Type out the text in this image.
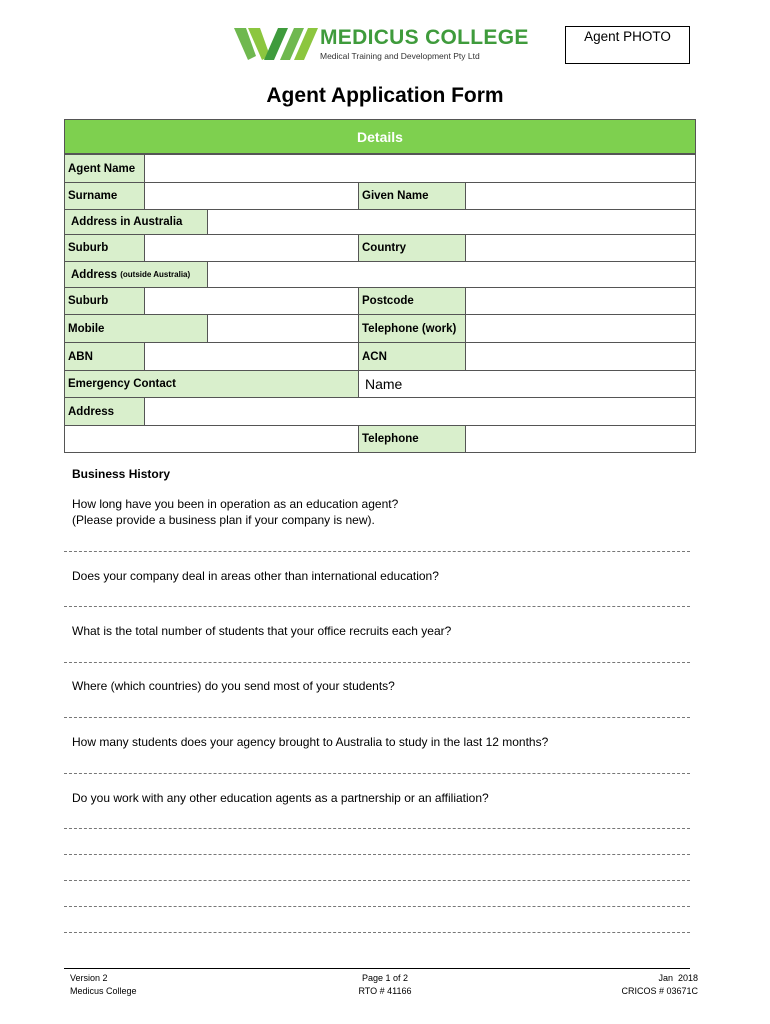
MEDICUS COLLEGE
Medical Training and Development Pty Ltd
Agent PHOTO
Agent Application Form
Details
Agent Name
Surname	Given Name
Address in Australia
Suburb	Country
Address
(outside Australia)
Suburb	Postcode
Mobile	Telephone (work)
ABN	ACN
Emergency Contact	Name
Address
Telephone
Business History
How long have you been in operation as an education agent?
(Please provide a business plan if your company is new).
Does your company deal in areas other than international education?
What is the total number of students that your office recruits each year?
Where (which countries) do you send most of your students?
How many students does your agency brought to Australia to study in the last 12 months?
Do you work with any other education agents as a partnership or an affiliation?
Version 2
Medicus College
Page 1 of 2
RTO # 41166
Jan  2018
CRICOS # 03671C
